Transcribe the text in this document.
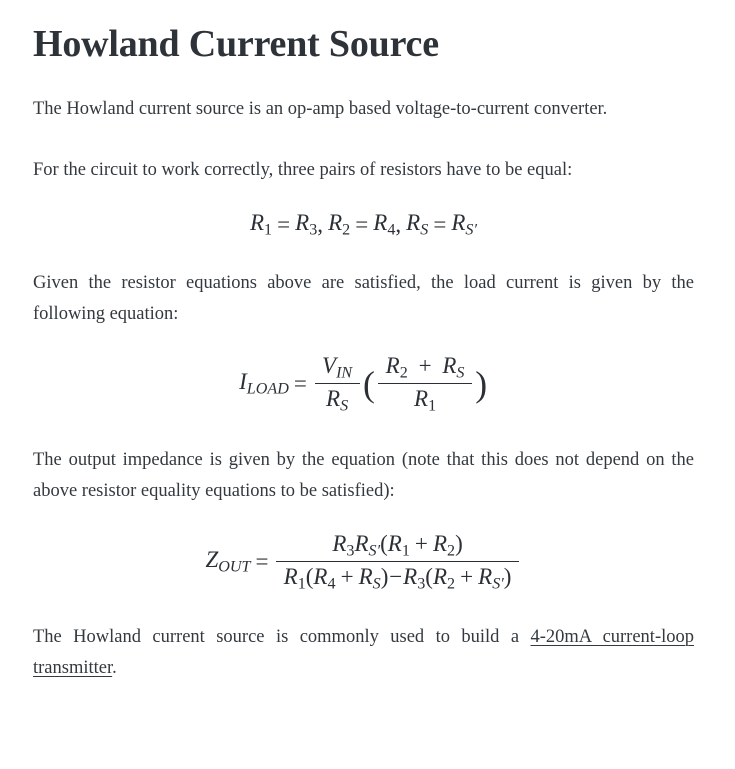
Howland Current Source

The Howland current source is an op-amp based voltage-to-current converter.

For the circuit to work correctly, three pairs of resistors have to be equal:

$R_1 = R_3$ , $R_2 = R_4$ , $R_S = R_{S'}$

Given the resistor equations above are satisfied, the load current is given by the following equation:

$I_{LOAD} = \frac{V_{IN}}{R_S}$ ( $\frac{R_2 + R_S}{R_1}$ )

The output impedance is given by the equation (note that this does not depend on the above resistor equality equations to be satisfied):

$Z_{OUT} = \frac{R_3R_{S'}(R_1 + R_2)}{R_1(R_4 + R_S)-R_3(R_2 + R_{S'})}$

The Howland current source is commonly used to build a 4-20mA current-loop transmitter.
